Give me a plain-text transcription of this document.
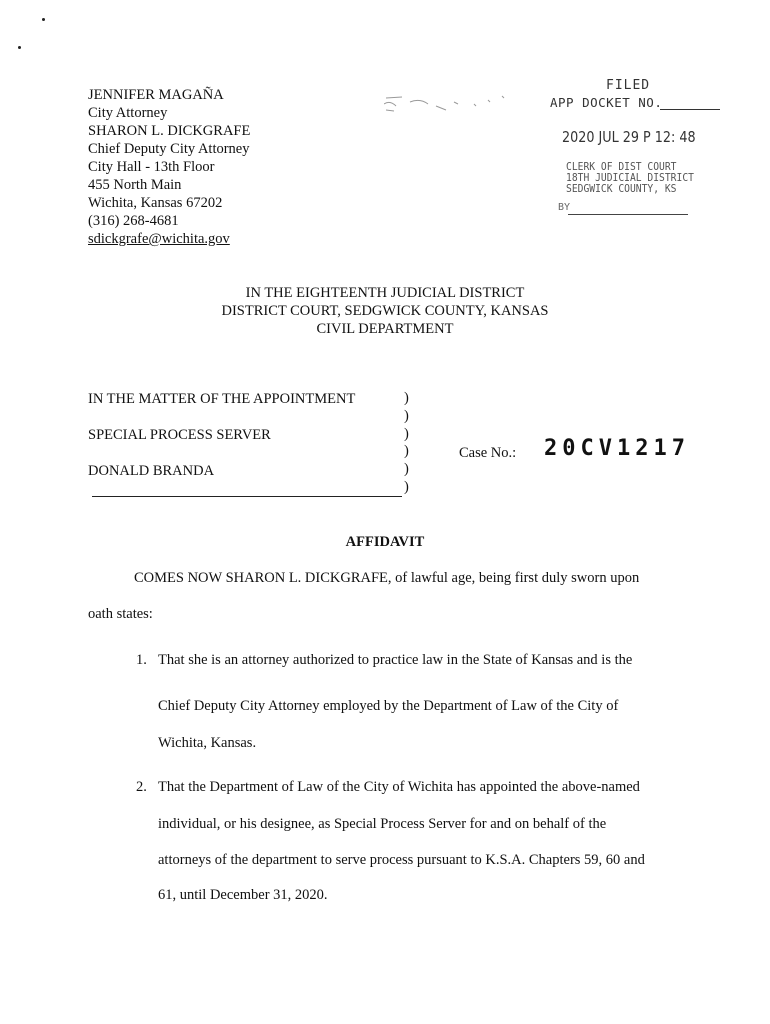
JENNIFER MAGAÑA
City Attorney
SHARON L. DICKGRAFE
Chief Deputy City Attorney
City Hall - 13th Floor
455 North Main
Wichita, Kansas 67202
(316) 268-4681
sdickgrafe@wichita.gov
FILED
APP DOCKET NO.
2020 JUL 29 P 12: 48
CLERK OF DIST COURT
18TH JUDICIAL DISTRICT
SEDGWICK COUNTY, KS
BY
IN THE EIGHTEENTH JUDICIAL DISTRICT
DISTRICT COURT, SEDGWICK COUNTY, KANSAS
CIVIL DEPARTMENT
IN THE MATTER OF THE APPOINTMENT
SPECIAL PROCESS SERVER
DONALD BRANDA
)
)
)
)
)
)
Case No.: 20CV1217
AFFIDAVIT
COMES NOW SHARON L. DICKGRAFE, of lawful age, being first duly sworn upon
oath states:
1. That she is an attorney authorized to practice law in the State of Kansas and is the
Chief Deputy City Attorney employed by the Department of Law of the City of
Wichita, Kansas.
2. That the Department of Law of the City of Wichita has appointed the above-named
individual, or his designee, as Special Process Server for and on behalf of the
attorneys of the department to serve process pursuant to K.S.A. Chapters 59, 60 and
61, until December 31, 2020.
